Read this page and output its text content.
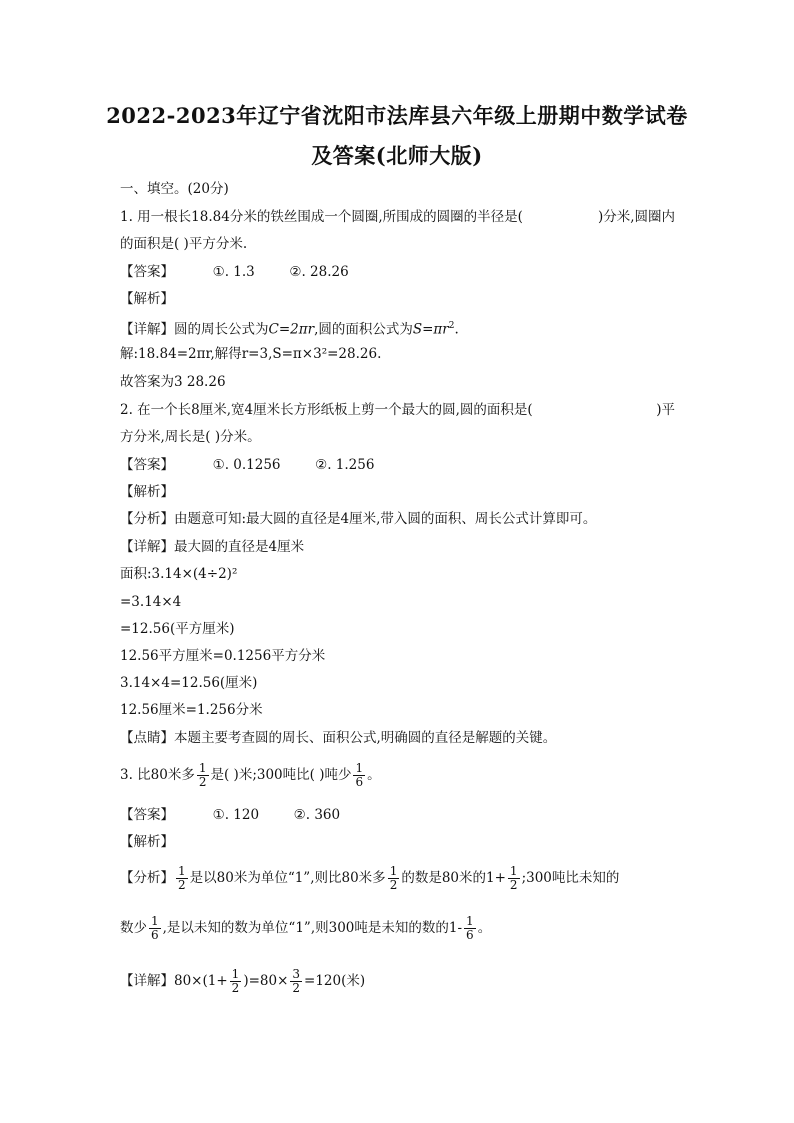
2022-2023年辽宁省沈阳市法库县六年级上册期中数学试卷
及答案(北师大版)
一、填空。(20分)
1. 用一根长18.84分米的铁丝围成一个圆圈,所围成的圆圈的半径是(	)分米,圆圈内
的面积是( )平方分米.
【答案】	①. 1.3	②. 28.26
【解析】
【详解】圆的周长公式为C=2πr,圆的面积公式为$S=\pi r^2$.
解:18.84=2πr,解得r=3,S=π×3²=28.26.
故答案为3 28.26
2. 在一个长8厘米,宽4厘米长方形纸板上剪一个最大的圆,圆的面积是(	)平
方分米,周长是( )分米。
【答案】	①. 0.1256	②. 1.256
【解析】
【分析】由题意可知:最大圆的直径是4厘米,带入圆的面积、周长公式计算即可。
【详解】最大圆的直径是4厘米
面积:3.14×(4÷2)²
=3.14×4
=12.56(平方厘米)
12.56平方厘米=0.1256平方分米
3.14×4=12.56(厘米)
12.56厘米=1.256分米
【点睛】本题主要考查圆的周长、面积公式,明确圆的直径是解题的关键。
3. 比80米多 $\frac{1}{2}$ 是( )米;300吨比( )吨少 $\frac{1}{6}$ 。
【答案】	①. 120	②. 360
【解析】
【分析】 $\frac{1}{2}$ 是以80米为单位“1”,则比80米多 $\frac{1}{2}$ 的数是80米的$1+ \frac{1}{2}$ ;300吨比未知的
数少 $\frac{1}{6}$ ,是以未知的数为单位“1”,则300吨是未知的数的$1- \frac{1}{6}$ 。
【详解】$80\times(1+ \frac{1}{2} )=80\times \frac{3}{2} =120$(米)
